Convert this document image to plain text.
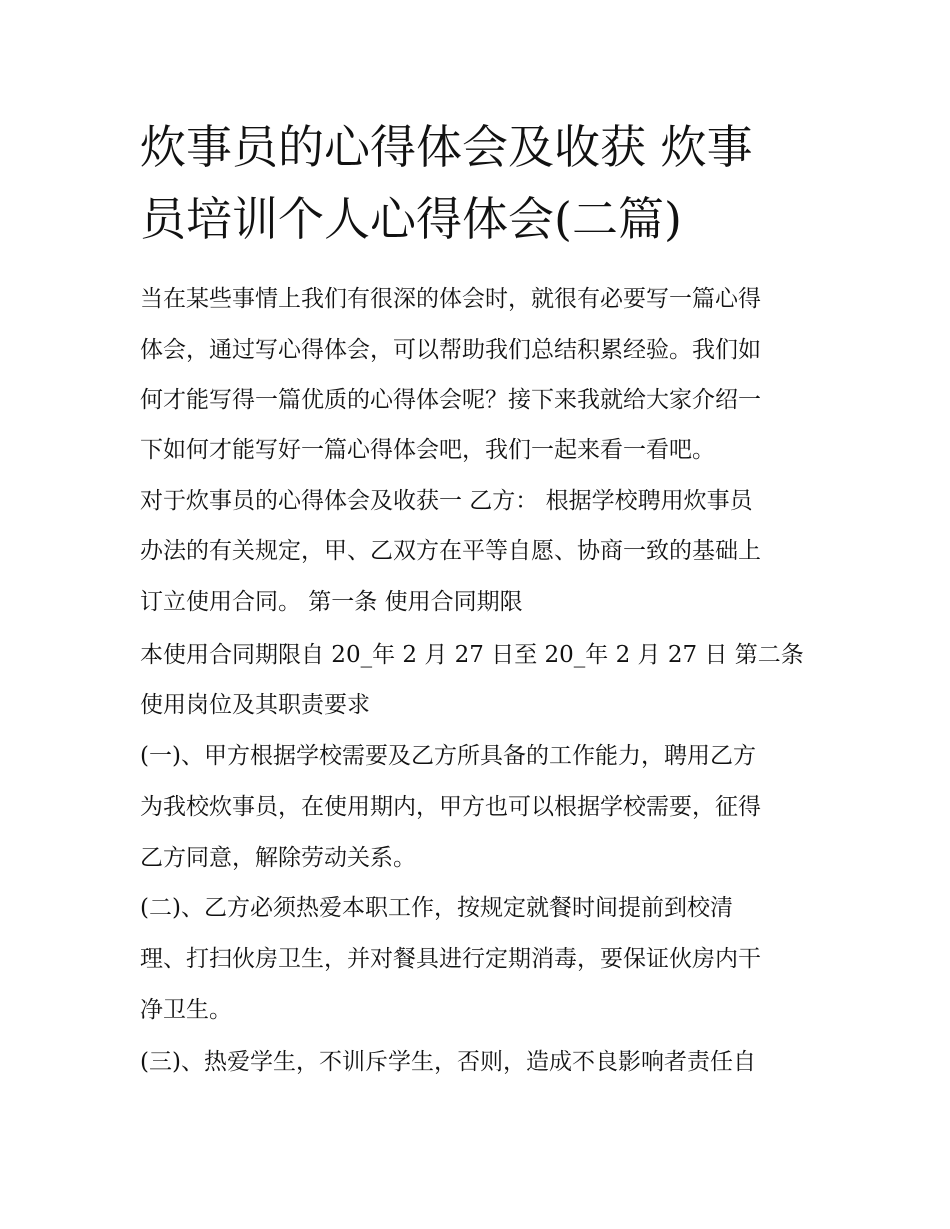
炊事员的心得体会及收获 炊事
员培训个人心得体会(二篇)
当在某些事情上我们有很深的体会时，就很有必要写一篇心得
体会，通过写心得体会，可以帮助我们总结积累经验。我们如
何才能写得一篇优质的心得体会呢？接下来我就给大家介绍一
下如何才能写好一篇心得体会吧，我们一起来看一看吧。
对于炊事员的心得体会及收获一 乙方： 根据学校聘用炊事员
办法的有关规定，甲、乙双方在平等自愿、协商一致的基础上
订立使用合同。 第一条 使用合同期限
本使用合同期限自 20_年 2 月 27 日至 20_年 2 月 27 日 第二条
使用岗位及其职责要求
(一)、甲方根据学校需要及乙方所具备的工作能力，聘用乙方
为我校炊事员，在使用期内，甲方也可以根据学校需要，征得
乙方同意，解除劳动关系。
(二)、乙方必须热爱本职工作，按规定就餐时间提前到校清
理、打扫伙房卫生，并对餐具进行定期消毒，要保证伙房内干
净卫生。
(三)、热爱学生，不训斥学生，否则，造成不良影响者责任自
